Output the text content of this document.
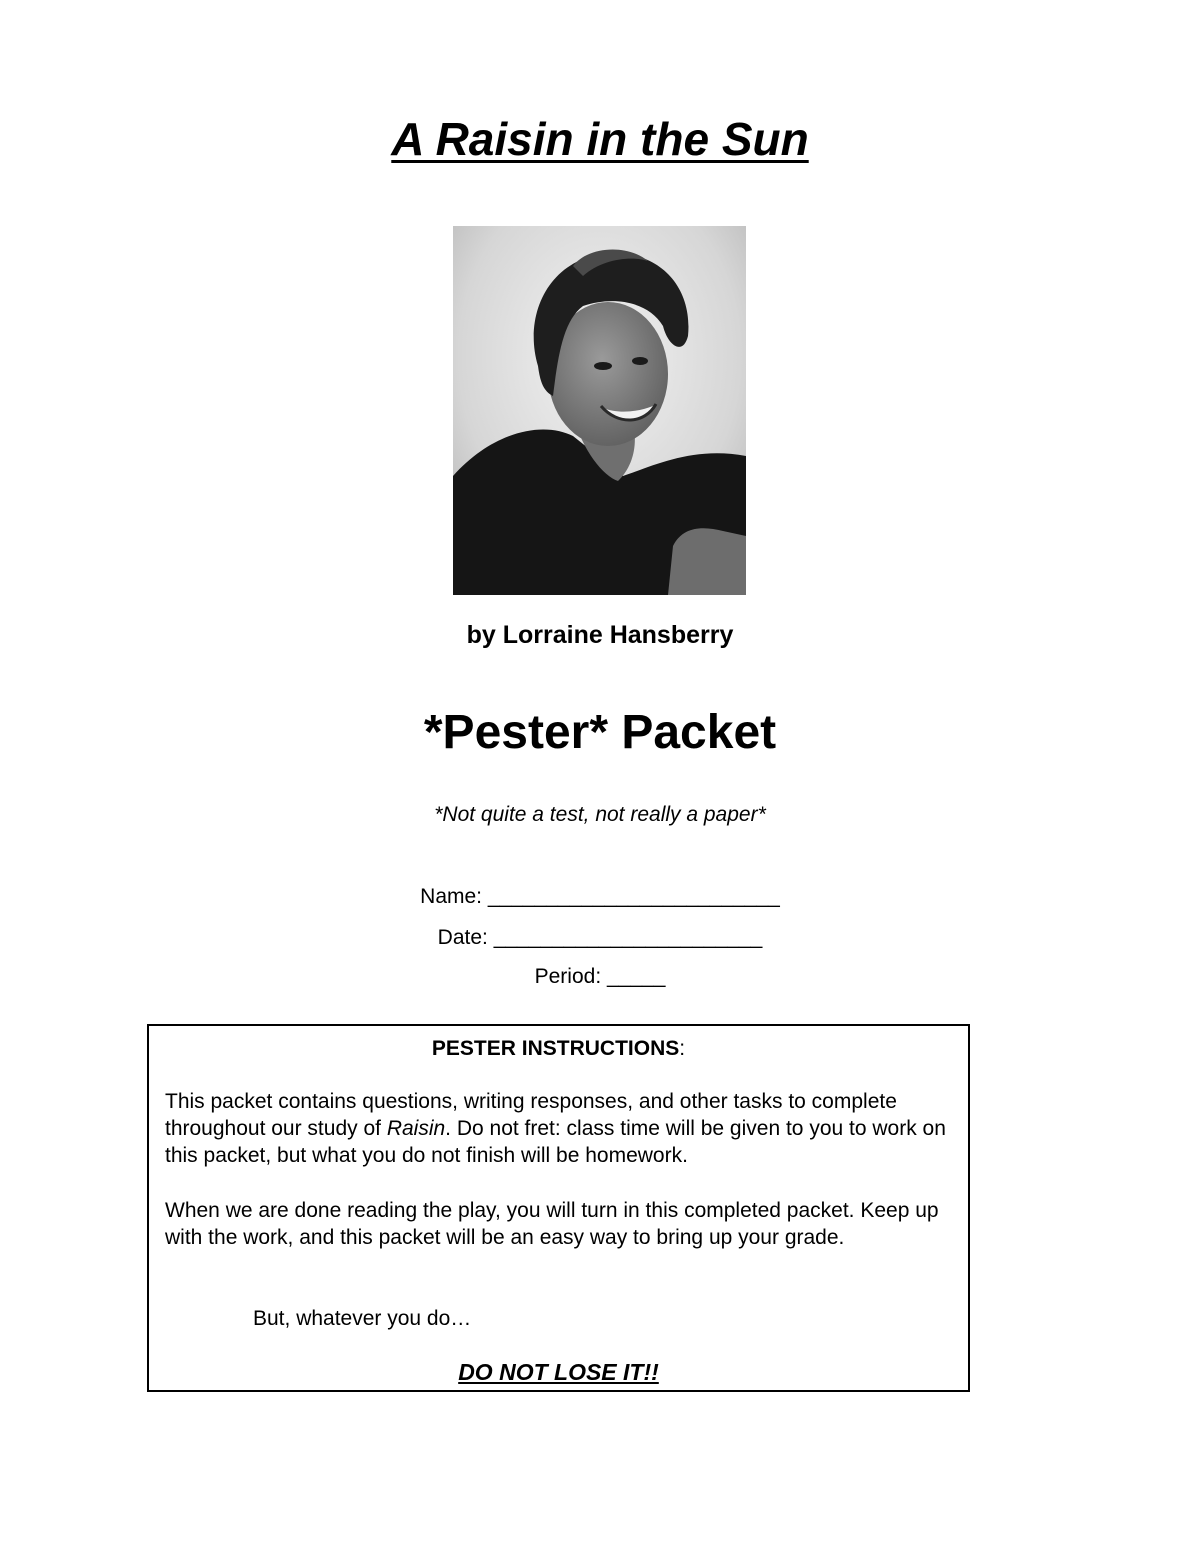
A Raisin in the Sun

by Lorraine Hansberry

*Pester* Packet

*Not quite a test, not really a paper*

Name: _________________________

Date: _______________________

Period: _____

PESTER INSTRUCTIONS:

This packet contains questions, writing responses, and other tasks to complete throughout our study of Raisin. Do not fret: class time will be given to you to work on this packet, but what you do not finish will be homework.

When we are done reading the play, you will turn in this completed packet. Keep up with the work, and this packet will be an easy way to bring up your grade.

But, whatever you do…

DO NOT LOSE IT!!
